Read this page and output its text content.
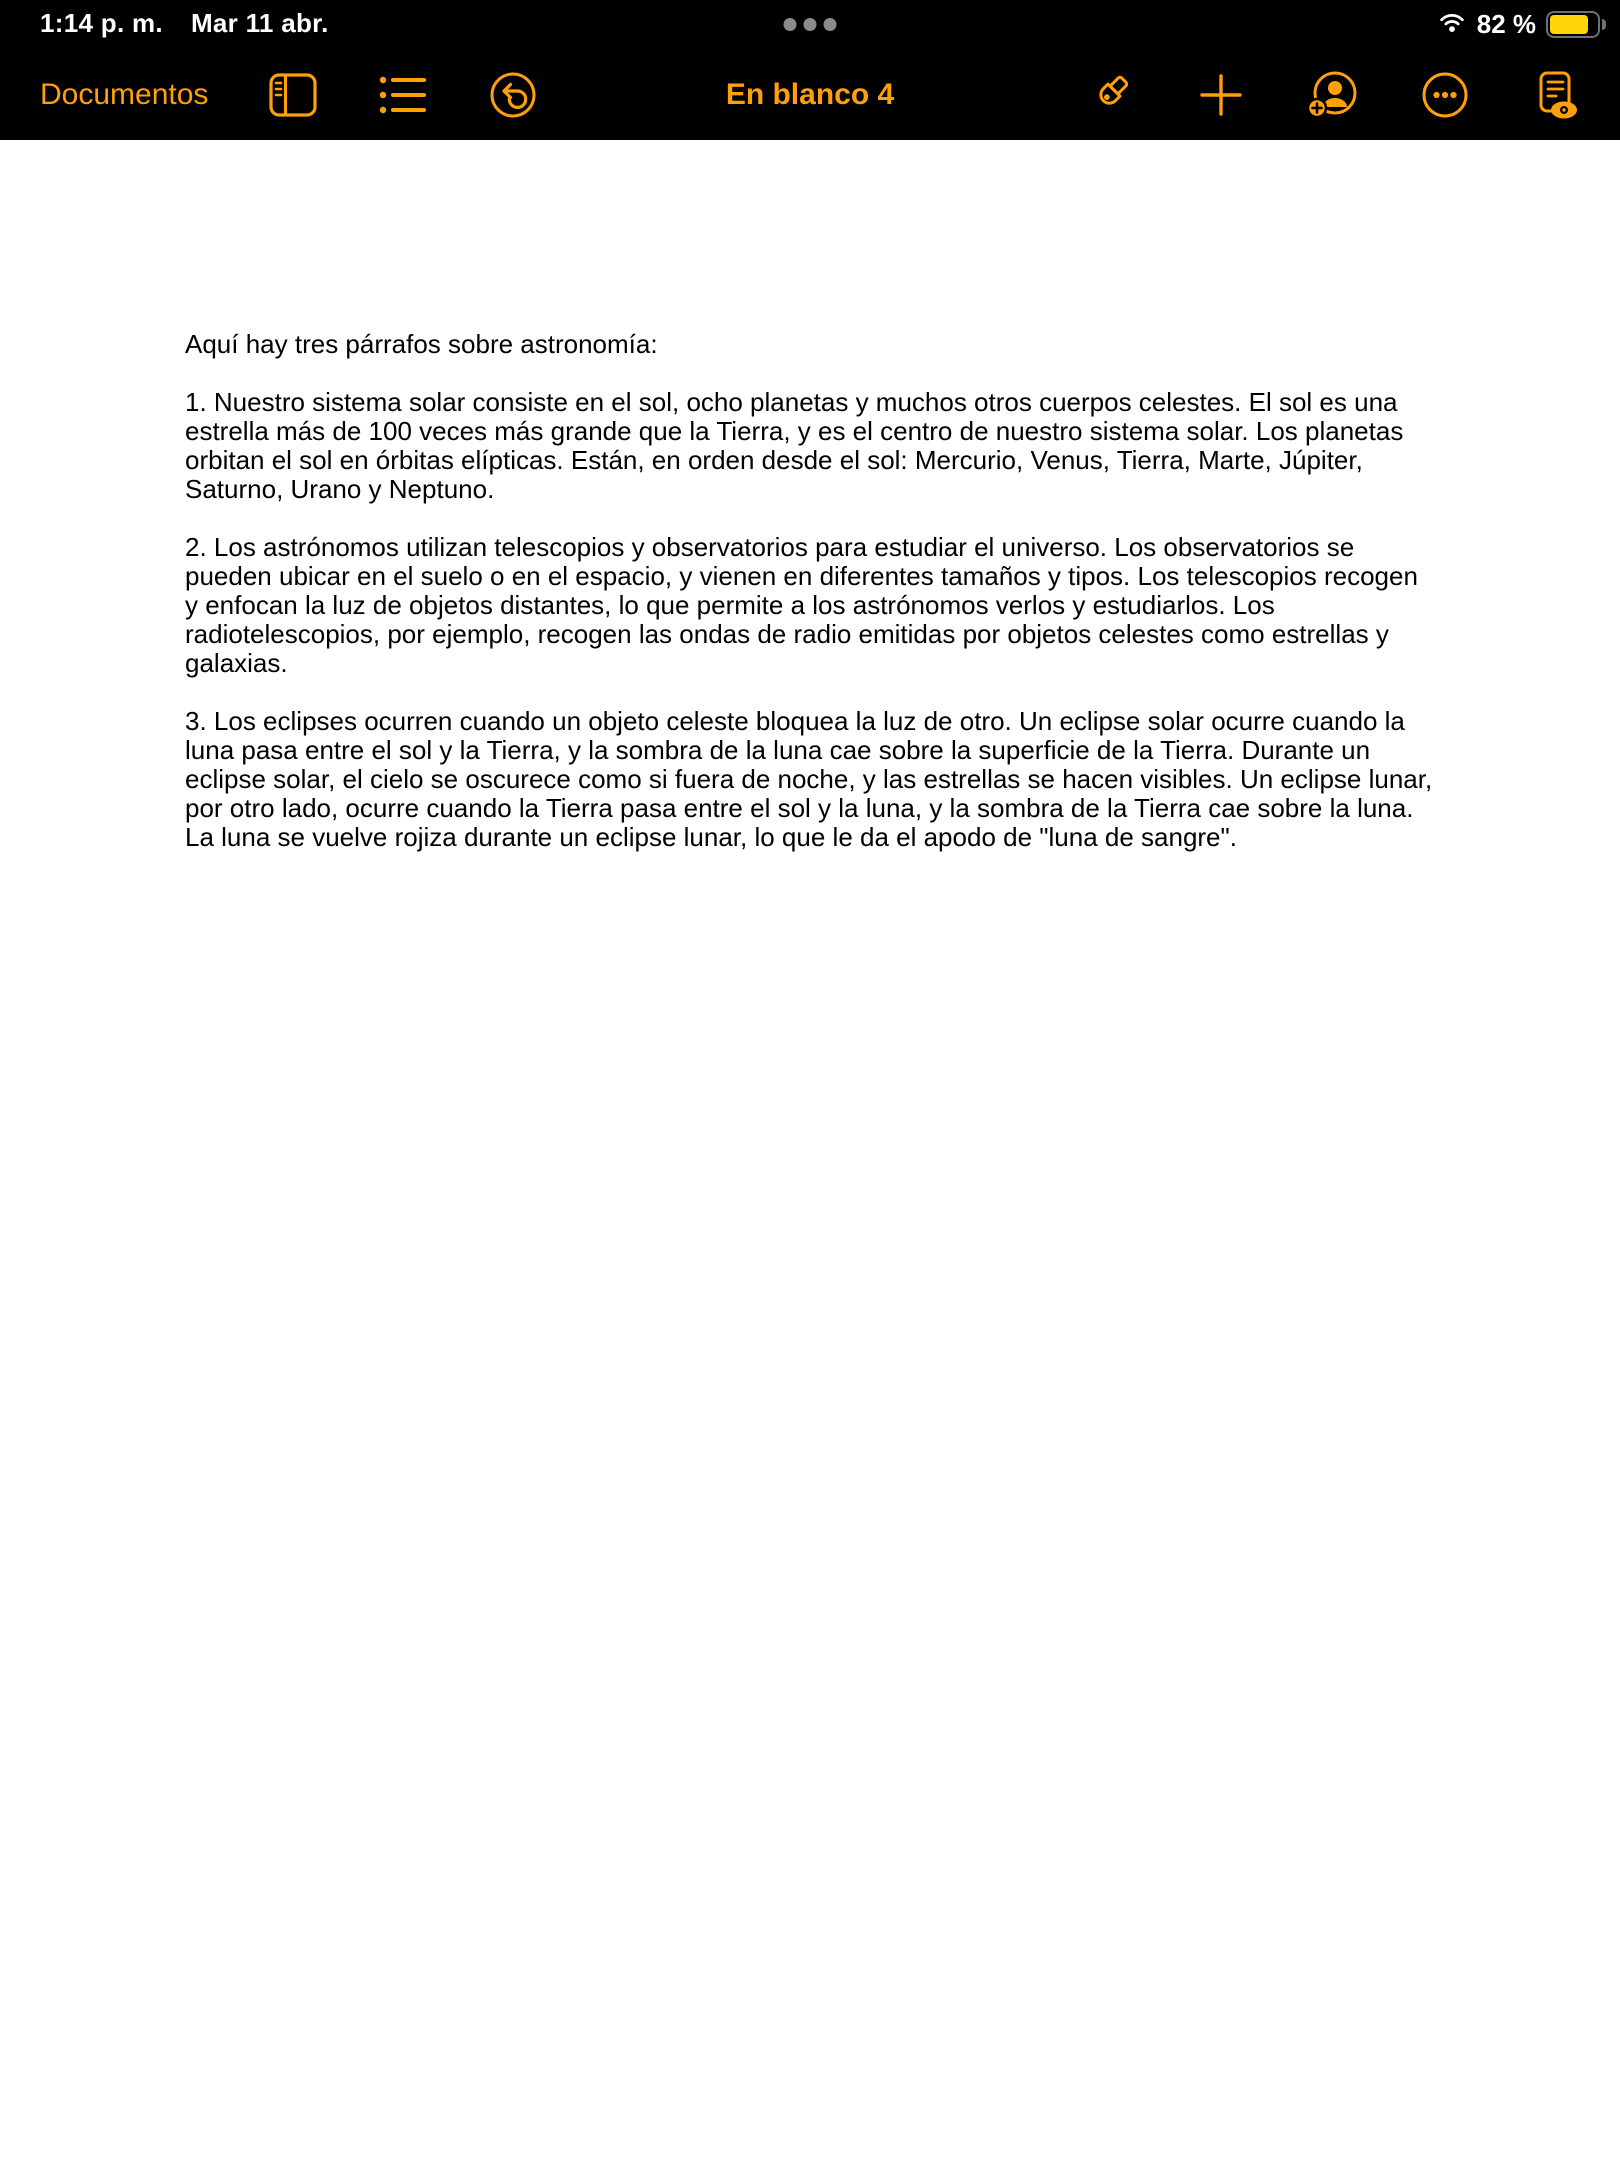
1:14 p. m. Mar 11 abr.	82 %
Documentos	En blanco 4

Aquí hay tres párrafos sobre astronomía:

1. Nuestro sistema solar consiste en el sol, ocho planetas y muchos otros cuerpos celestes. El sol es una estrella más de 100 veces más grande que la Tierra, y es el centro de nuestro sistema solar. Los planetas orbitan el sol en órbitas elípticas. Están, en orden desde el sol: Mercurio, Venus, Tierra, Marte, Júpiter, Saturno, Urano y Neptuno.

2. Los astrónomos utilizan telescopios y observatorios para estudiar el universo. Los observatorios se pueden ubicar en el suelo o en el espacio, y vienen en diferentes tamaños y tipos. Los telescopios recogen y enfocan la luz de objetos distantes, lo que permite a los astrónomos verlos y estudiarlos. Los radiotelescopios, por ejemplo, recogen las ondas de radio emitidas por objetos celestes como estrellas y galaxias.

3. Los eclipses ocurren cuando un objeto celeste bloquea la luz de otro. Un eclipse solar ocurre cuando la luna pasa entre el sol y la Tierra, y la sombra de la luna cae sobre la superficie de la Tierra. Durante un eclipse solar, el cielo se oscurece como si fuera de noche, y las estrellas se hacen visibles. Un eclipse lunar, por otro lado, ocurre cuando la Tierra pasa entre el sol y la luna, y la sombra de la Tierra cae sobre la luna. La luna se vuelve rojiza durante un eclipse lunar, lo que le da el apodo de "luna de sangre".
